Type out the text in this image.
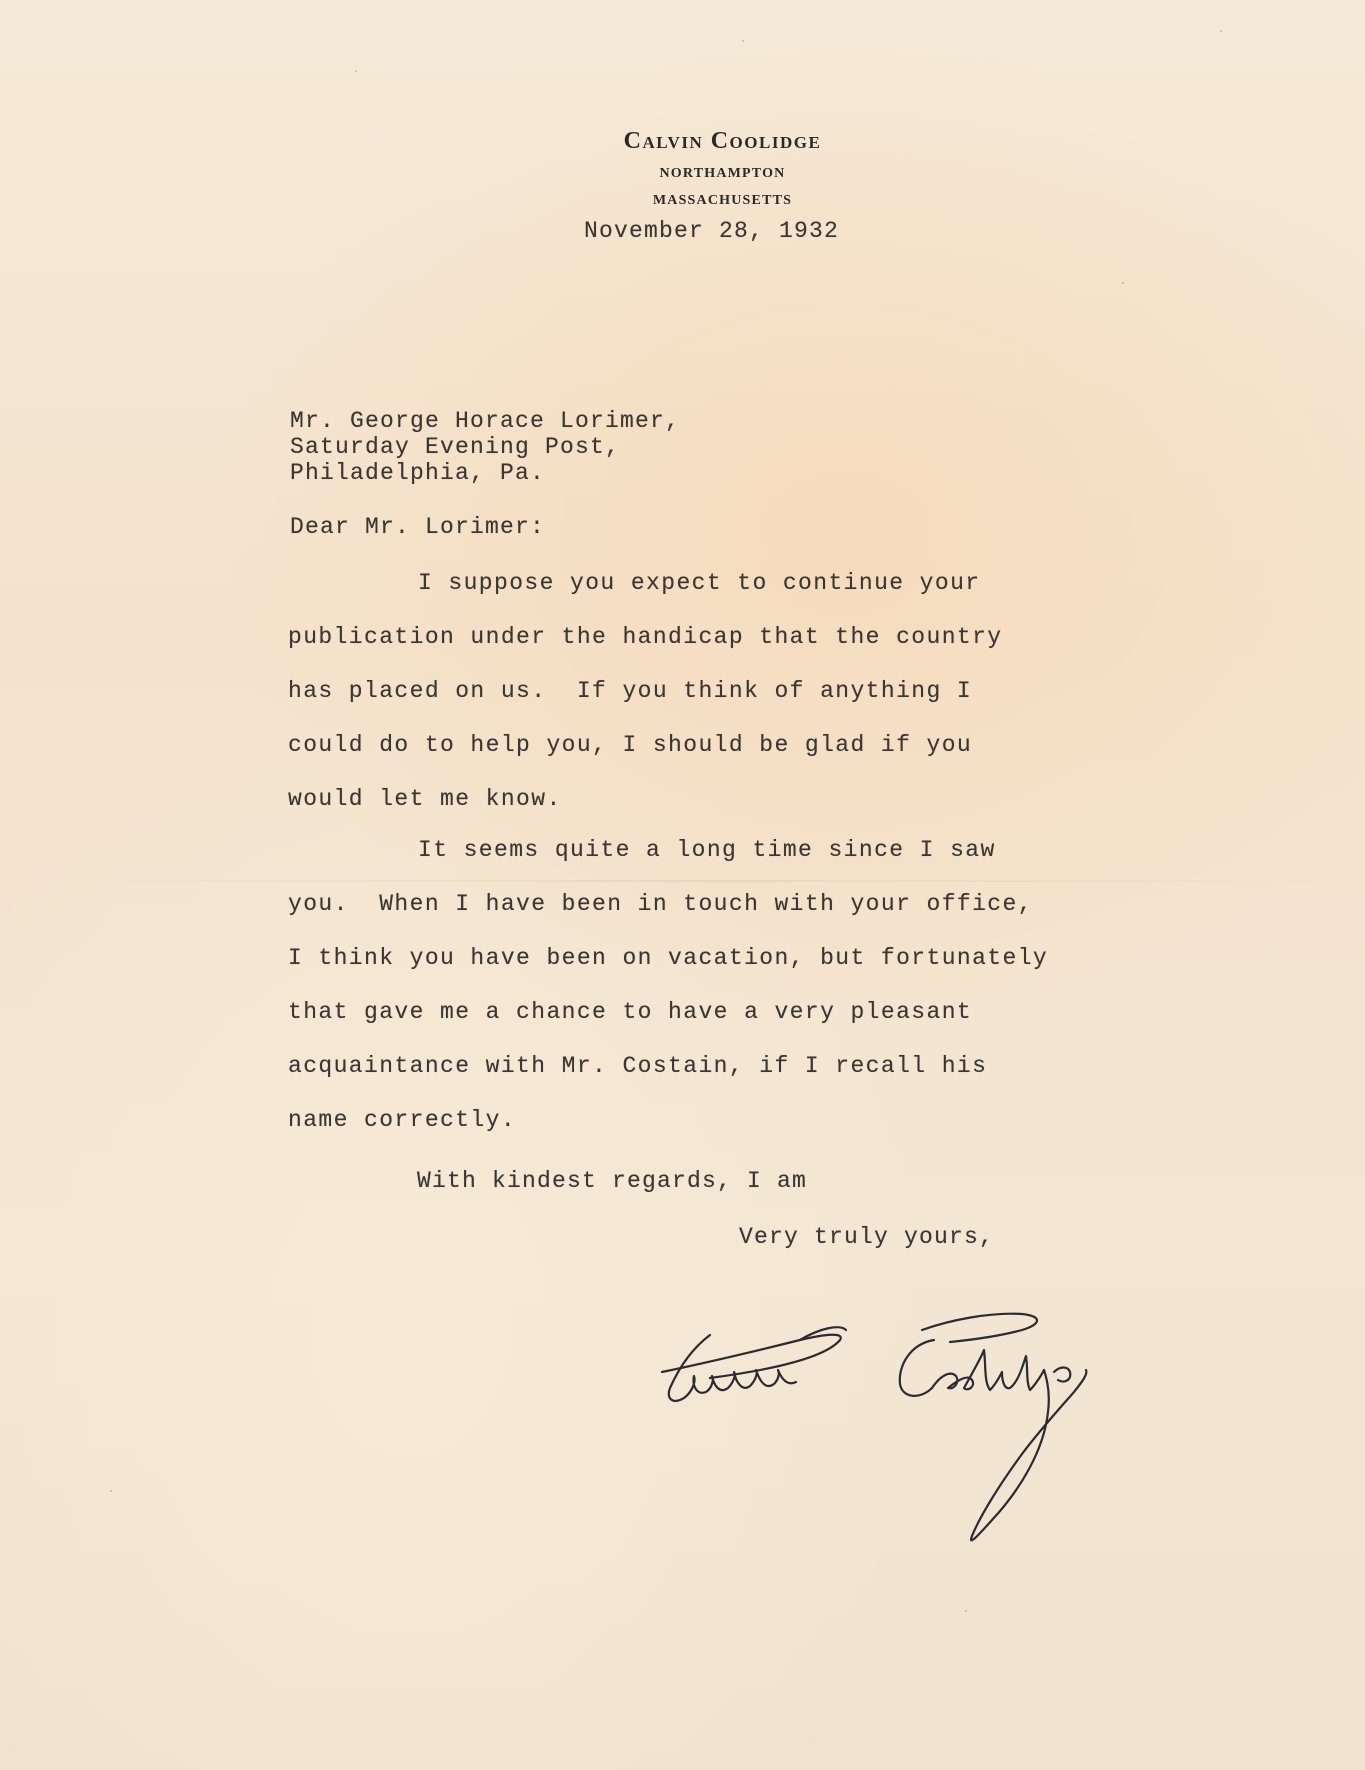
Calvin Coolidge
NORTHAMPTON
MASSACHUSETTS
November 28, 1932
Mr. George Horace Lorimer,
Saturday Evening Post,
Philadelphia, Pa.
Dear Mr. Lorimer:
I suppose you expect to continue your
publication under the handicap that the country
has placed on us.  If you think of anything I
could do to help you, I should be glad if you
would let me know.
It seems quite a long time since I saw
you.  When I have been in touch with your office,
I think you have been on vacation, but fortunately
that gave me a chance to have a very pleasant
acquaintance with Mr. Costain, if I recall his
name correctly.
With kindest regards, I am
Very truly yours,
